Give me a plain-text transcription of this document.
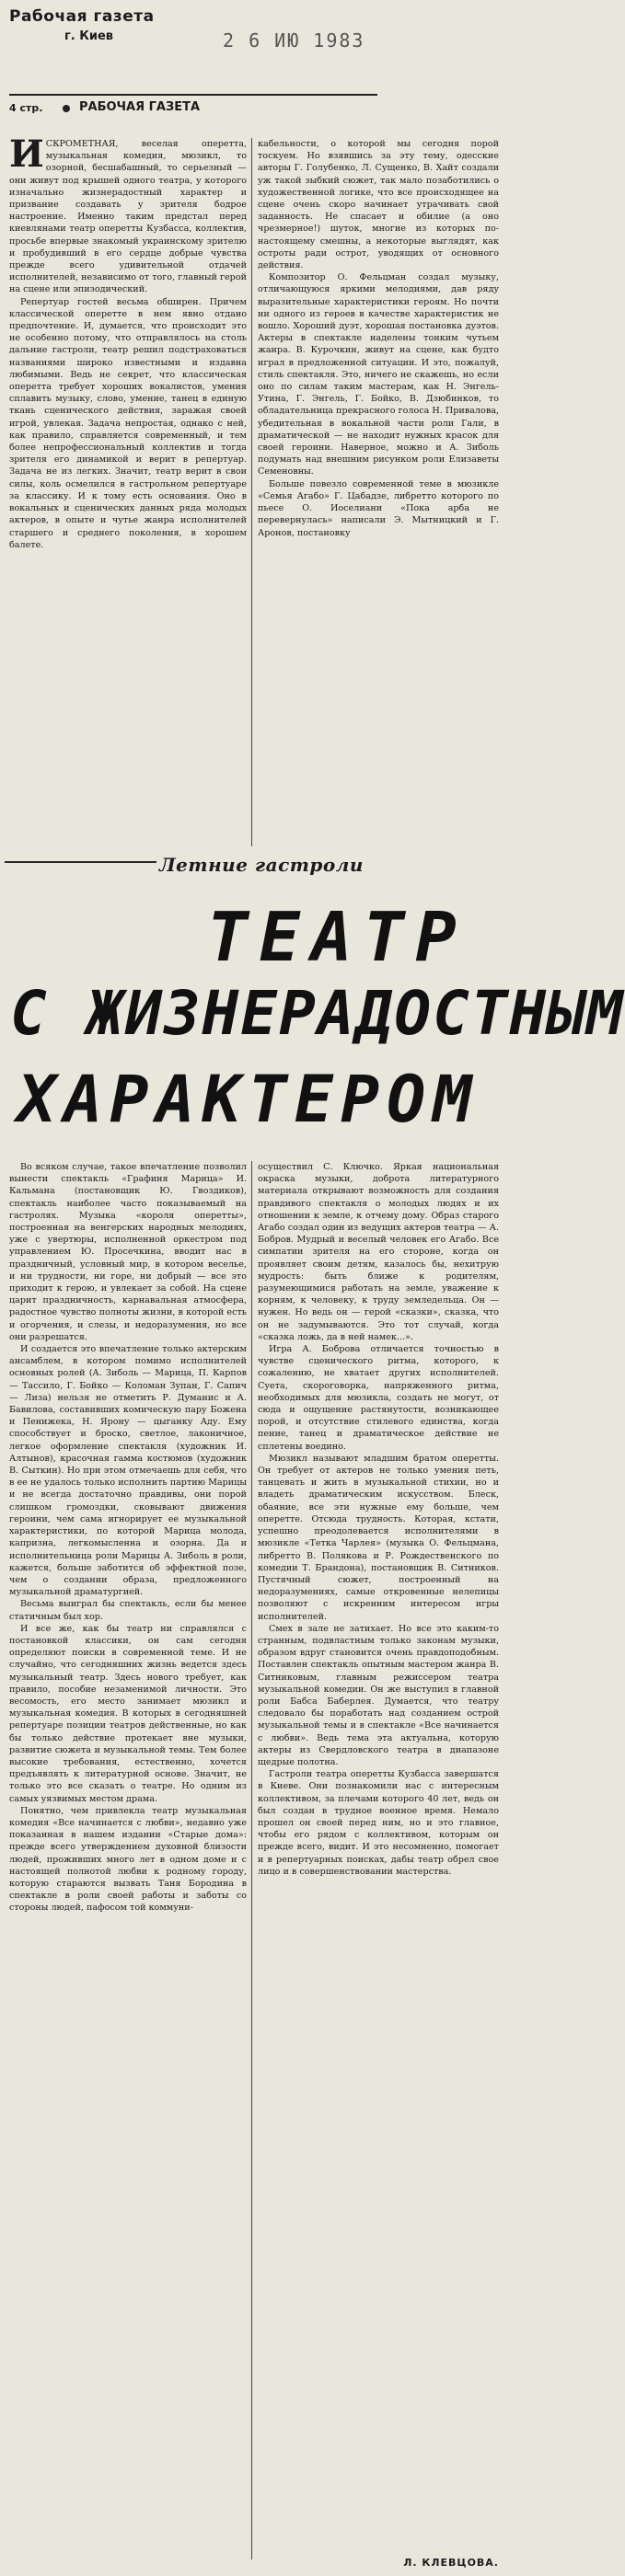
Рабочая газета
г. Киев	2 6 ИЮ 1983
4 стр.	РАБОЧАЯ ГАЗЕТА

ИСКРОМЕТНАЯ, веселая оперетта, музыкальная комедия, мюзикл, то озорной, бесшабашный, то серьезный — они живут под крышей одного театра, у которого изначально жизнерадостный характер и призвание создавать у зрителя бодрое настроение. Именно таким предстал перед киевлянами театр оперетты Кузбасса, коллектив, просьбе впервые знакомый украинскому зрителю и пробудивший в его сердце добрые чувства прежде всего удивительной отдачей исполнителей, независимо от того, главный герой на сцене или эпизодический.

Репертуар гостей весьма обширен. Причем классической оперетте в нем явно отдано предпочтение. И, думается, что происходит это не особенно потому, что отправлялось на столь дальние гастроли, театр решил подстраховаться названиями широко известными и издавна любимыми. Ведь не секрет, что классическая оперетта требует хороших вокалистов, умения сплавить музыку, слово, умение, танец в единую ткань сценического действия, заражая своей игрой, увлекая. Задача непростая, однако с ней, как правило, справляется современный, и тем более непрофессиональный коллектив и тогда зрителя его динамикой и верит в репертуар. Задача не из легких. Значит, театр верит в свои силы, коль осмелился в гастрольном репертуаре за классику. И к тому есть основания. Оно в вокальных и сценических данных ряда молодых актеров, в опыте и чутье жанра исполнителей старшего и среднего поколения, в хорошем балете.

кабельности, о которой мы сегодня порой тоскуем. Но взявшись за эту тему, одесские авторы Г. Голубенко, Л. Сущенко, В. Хайт создали уж такой зыбкий сюжет, так мало позаботились о художественной логике, что все происходящее на сцене очень скоро начинает утрачивать свой заданность. Не спасает и обилие (а оно чрезмерное!) шуток, многие из которых по-настоящему смешны, а некоторые выглядят, как остроты ради острот, уводящих от основного действия.

Композитор О. Фельцман создал музыку, отличающуюся яркими мелодиями, дав ряду выразительные характеристики героям. Но почти ни одного из героев в качестве характеристик не вошло. Хороший дуэт, хорошая постановка дуэтов. Актеры в спектакле наделены тонким чутьем жанра. В. Курочкин, живут на сцене, как будто играл в предложенной ситуации. И это, пожалуй, стиль спектакля. Это, ничего не скажешь, но если оно по силам таким мастерам, как Н. Энгель-Утина, Г. Энгель, Г. Бойко, В. Дзюбинков, то обладательница прекрасного голоса Н. Привалова, убедительная в вокальной части роли Гали, в драматической — не находит нужных красок для своей героини. Наверное, можно и А. Зиболь подумать над внешним рисунком роли Елизаветы Семеновны.

Больше повезло современной теме в мюзикле «Семья Агабо» Г. Цабадзе, либретто которого по пьесе О. Иоселиани «Пока арба не перевернулась» написали Э. Мытницкий и Г. Аронов, постановку

Летние гастроли
ТЕАТР
С ЖИЗНЕРАДОСТНЫМ
ХАРАКТЕРОМ

Во всяком случае, такое впечатление позволил вынести спектакль «Графиня Марица» И. Кальмана (постановщик Ю. Гвоздиков), спектакль наиболее часто показываемый на гастролях. Музыка «короля оперетты», построенная на венгерских народных мелодиях, уже с увертюры, исполненной оркестром под управлением Ю. Просечкина, вводит нас в праздничный, условный мир, в котором веселье, и ни трудности, ни горе, ни добрый — все это приходит к герою, и увлекает за собой. На сцене царит праздничность, карнавальная атмосфера, радостное чувство полноты жизни, в которой есть и огорчения, и слезы, и недоразумения, но все они разрешатся.

И создается это впечатление только актерским ансамблем, в котором помимо исполнителей основных ролей (А. Зиболь — Марица, П. Карпов — Тассило, Г. Бойко — Коломан Зупан, Г. Сапич — Лиза) нельзя не отметить Р. Думанис и А. Бавилова, составивших комическую пару Божена и Пенижека, Н. Ярону — цыганку Аду. Ему способствует и броско, светлое, лаконичное, легкое оформление спектакля (художник И. Алтынов), красочная гамма костюмов (художник В. Сыткин). Но при этом отмечаешь для себя, что в ее не удалось только исполнить партию Марицы и не всегда достаточно правдивы, они порой слишком громоздки, сковывают движения героини, чем сама игнорирует ее музыкальной характеристики, по которой Марица молода, капризна, легкомысленна и озорна. Да и исполнительница роли Марицы А. Зиболь в роли, кажется, больше заботится об эффектной позе, чем о создании образа, предложенного музыкальной драматургией.

Весьма выиграл бы спектакль, если бы менее статичным был хор.

И все же, как бы театр ни справлялся с постановкой классики, он сам сегодня определяют поиски в современной теме. И не случайно, что сегодняшних жизнь ведется здесь музыкальный театр. Здесь нового требует, как правило, пособие незаменимой личности. Это весомость, его место занимает мюзикл и музыкальная комедия. В которых в сегодняшней репертуаре позиции театров действенные, но как бы только действие протекает вне музыки, развитие сюжета и музыкальной темы. Тем более высокие требования, естественно, хочется предъявлять к литературной основе. Значит, не только это все сказать о театре. Но одним из самых уязвимых местом драма.

Понятно, чем привлекла театр музыкальная комедия «Все начинается с любви», недавно уже показанная в нашем издании «Старые дома»: прежде всего утверждением духовной близости людей, проживших много лет в одном доме и с настоящей полнотой любви к родному городу, которую стараются вызвать Таня Бородина в спектакле в роли своей работы и заботы со стороны людей, пафосом той коммуни-

осуществил С. Ключко. Яркая национальная окраска музыки, доброта литературного материала открывают возможность для создания правдивого спектакля о молодых людях и их отношении к земле, к отчему дому. Образ старого Агабо создал один из ведущих актеров театра — А. Бобров. Мудрый и веселый человек его Агабо. Все симпатии зрителя на его стороне, когда он проявляет своим детям, казалось бы, нехитрую мудрость: быть ближе к родителям, разумеющимися работать на земле, уважение к корням, к человеку, к труду земледельца. Он — нужен. Но ведь он — герой «сказки», сказка, что он не задумываются. Это тот случай, когда «сказка ложь, да в ней намек...».

Игра А. Боброва отличается точностью в чувстве сценического ритма, которого, к сожалению, не хватает других исполнителей. Суета, скороговорка, напряженного ритма, необходимых для мюзикла, создать не могут, от сюда и ощущение растянутости, возникающее порой, и отсутствие стилевого единства, когда пение, танец и драматическое действие не сплетены воедино.

Мюзикл называют младшим братом оперетты. Он требует от актеров не только умения петь, танцевать и жить в музыкальной стихии, но и владеть драматическим искусством. Блеск, обаяние, все эти нужные ему больше, чем оперетте. Отсюда трудность. Которая, кстати, успешно преодолевается исполнителями в мюзикле «Тетка Чарлея» (музыка О. Фельцмана, либретто В. Полякова и Р. Рождественского по комедии Т. Брандона), постановщик В. Ситников. Пустячный сюжет, построенный на недоразумениях, самые откровенные нелепицы позволяют с искренним интересом игры исполнителей.

Смех в зале не затихает. Но все это каким-то странным, подвластным только законам музыки, образом вдруг становится очень правдоподобным. Поставлен спектакль опытным мастером жанра В. Ситниковым, главным режиссером театра музыкальной комедии. Он же выступил в главной роли Бабса Баберлея. Думается, что театру следовало бы поработать над созданием острой музыкальной темы и в спектакле «Все начинается с любви». Ведь тема эта актуальна, которую актеры из Свердловского театра в диапазоне щедрые полотна.

Гастроли театра оперетты Кузбасса завершатся в Киеве. Они познакомили нас с интересным коллективом, за плечами которого 40 лет, ведь он был создан в трудное военное время. Немало прошел он своей перед ним, но и это главное, чтобы его рядом с коллективом, которым он прежде всего, видит. И это несомненно, помогает и в репертуарных поисках, дабы театр обрел свое лицо и в совершенствовании мастерства.

Л. КЛЕВЦОВА.
